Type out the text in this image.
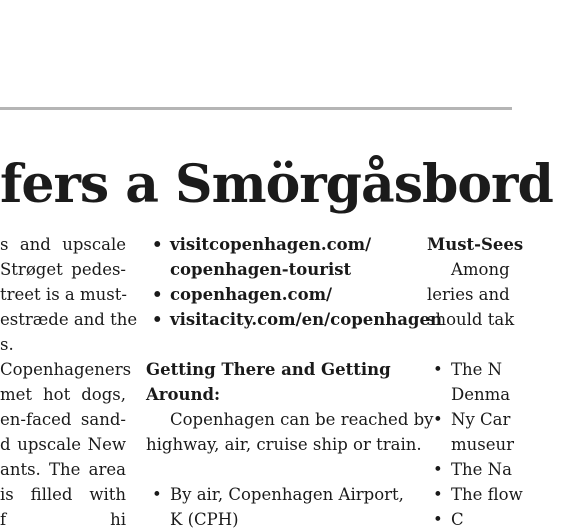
fers a Smörgåsbord
s and upscale
Strøget pedes-
treet is a must-
estræde and the
s.
Copenhageners
met hot dogs,
en-faced sand-
d upscale New
ants. The area
is filled with
f hi
• visitcopenhagen.com/
copenhagen-tourist
• copenhagen.com/
• visitacity.com/en/copenhagen
Getting There and Getting
Around:
Copenhagen can be reached by
highway, air, cruise ship or train.
• By air, Copenhagen Airport,
K (CPH)
Must-Sees
Among
leries and
should tak
• The N
Denma
• Ny Car
museur
• The Na
• The flow
• C
